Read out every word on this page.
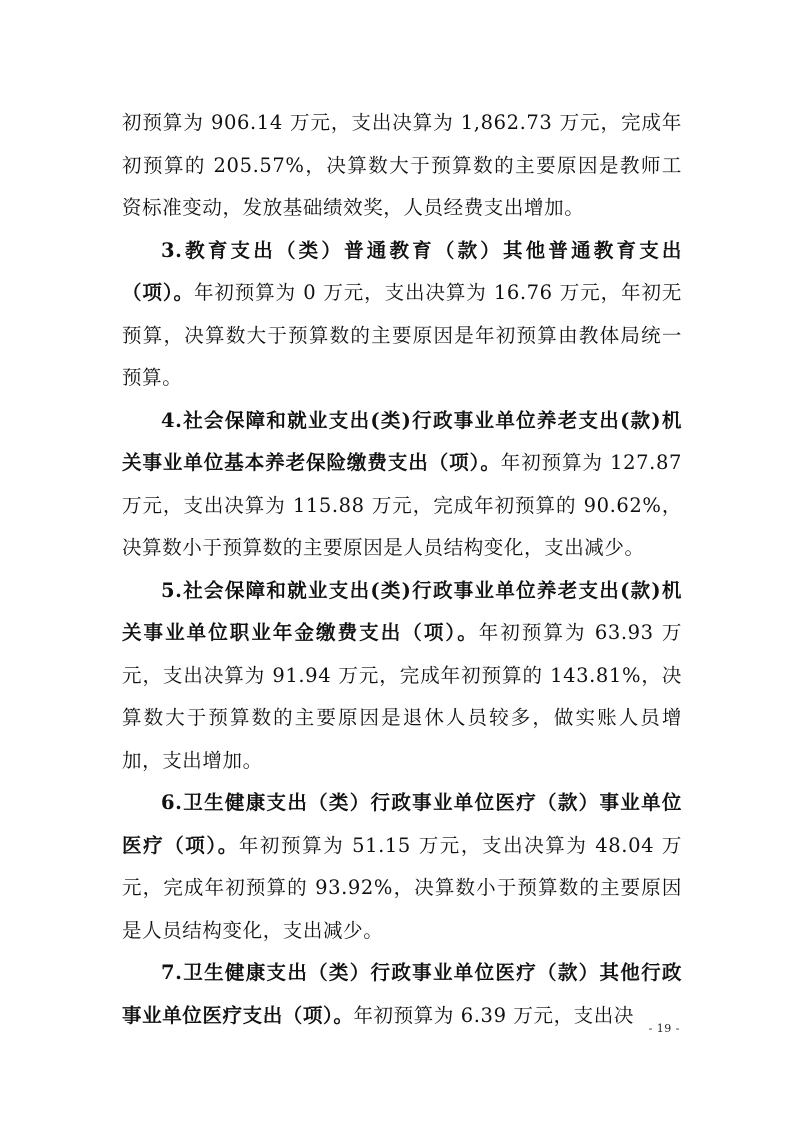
初预算为 906.14 万元，支出决算为 1,862.73 万元，完成年初预算的 205.57%，决算数大于预算数的主要原因是教师工资标准变动，发放基础绩效奖，人员经费支出增加。

3.教育支出（类）普通教育（款）其他普通教育支出（项）。年初预算为 0 万元，支出决算为 16.76 万元，年初无预算，决算数大于预算数的主要原因是年初预算由教体局统一预算。

4.社会保障和就业支出(类)行政事业单位养老支出(款)机关事业单位基本养老保险缴费支出（项）。年初预算为 127.87 万元，支出决算为 115.88 万元，完成年初预算的 90.62%，决算数小于预算数的主要原因是人员结构变化，支出减少。

5.社会保障和就业支出(类)行政事业单位养老支出(款)机关事业单位职业年金缴费支出（项）。年初预算为 63.93 万元，支出决算为 91.94 万元，完成年初预算的 143.81%，决算数大于预算数的主要原因是退休人员较多，做实账人员增加，支出增加。

6.卫生健康支出（类）行政事业单位医疗（款）事业单位医疗（项）。年初预算为 51.15 万元，支出决算为 48.04 万元，完成年初预算的 93.92%，决算数小于预算数的主要原因是人员结构变化，支出减少。

7.卫生健康支出（类）行政事业单位医疗（款）其他行政事业单位医疗支出（项）。年初预算为 6.39 万元，支出决

- 19 -
